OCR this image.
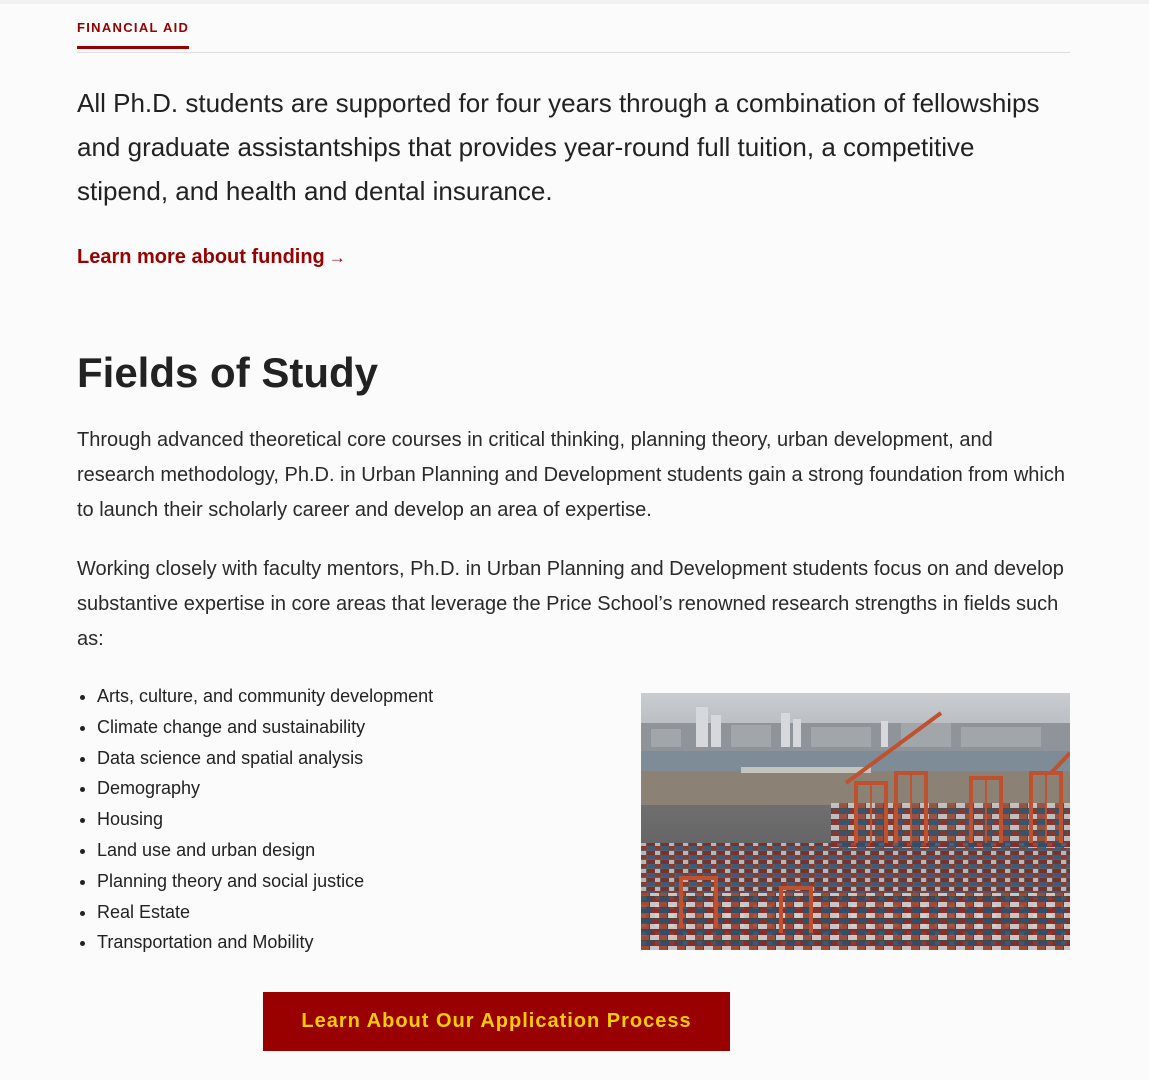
FINANCIAL AID

All Ph.D. students are supported for four years through a combination of fellowships and graduate assistantships that provides year-round full tuition, a competitive stipend, and health and dental insurance.

Learn more about funding →
Fields of Study

Through advanced theoretical core courses in critical thinking, planning theory, urban development, and research methodology, Ph.D. in Urban Planning and Development students gain a strong foundation from which to launch their scholarly career and develop an area of expertise.

Working closely with faculty mentors, Ph.D. in Urban Planning and Development students focus on and develop substantive expertise in core areas that leverage the Price School’s renowned research strengths in fields such as:

• Arts, culture, and community development
• Climate change and sustainability
• Data science and spatial analysis
• Demography
• Housing
• Land use and urban design
• Planning theory and social justice
• Real Estate
• Transportation and Mobility
Learn About Our Application Process
